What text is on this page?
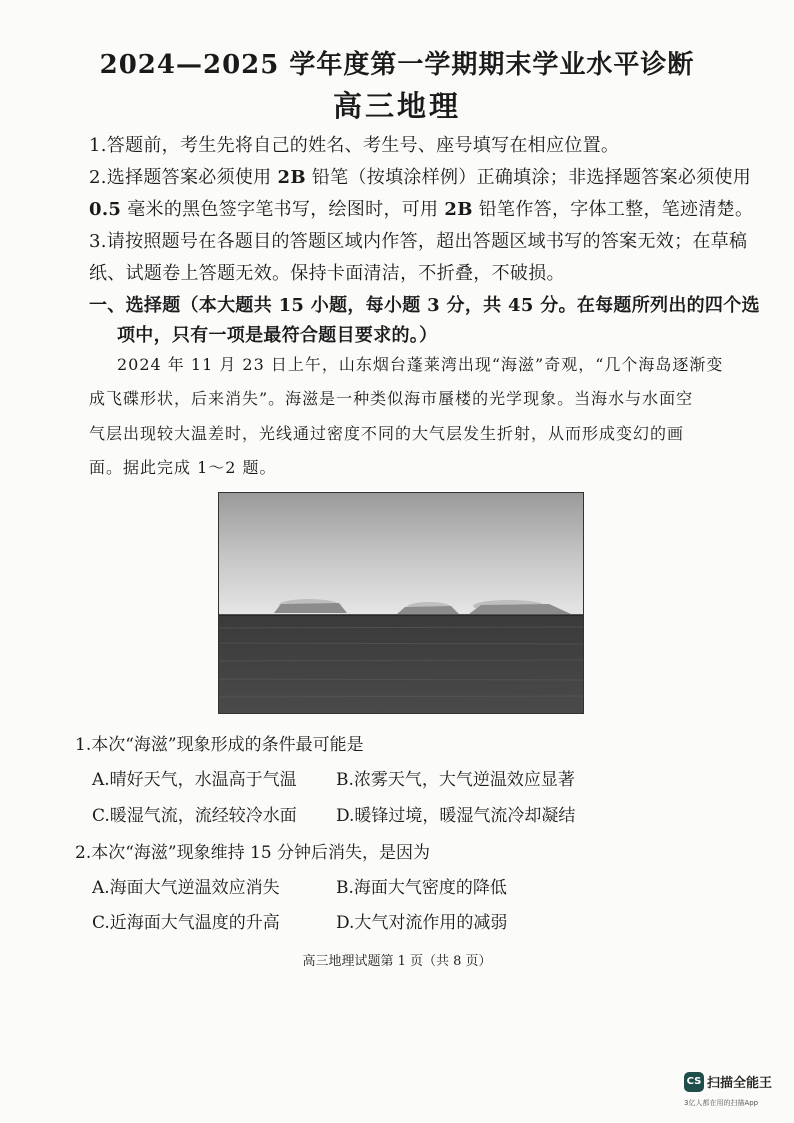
2024—2025 学年度第一学期期末学业水平诊断
高三地理
1.答题前，考生先将自己的姓名、考生号、座号填写在相应位置。
2.选择题答案必须使用 2B 铅笔（按填涂样例）正确填涂；非选择题答案必须使用
0.5 毫米的黑色签字笔书写，绘图时，可用 2B 铅笔作答，字体工整，笔迹清楚。
3.请按照题号在各题目的答题区域内作答，超出答题区域书写的答案无效；在草稿
纸、试题卷上答题无效。保持卡面清洁，不折叠，不破损。
一、选择题（本大题共 15 小题，每小题 3 分，共 45 分。在每题所列出的四个选
项中，只有一项是最符合题目要求的。）
2024 年 11 月 23 日上午，山东烟台蓬莱湾出现“海滋”奇观，“几个海岛逐渐变
成飞碟形状，后来消失”。海滋是一种类似海市蜃楼的光学现象。当海水与水面空
气层出现较大温差时，光线通过密度不同的大气层发生折射，从而形成变幻的画
面。据此完成 1～2 题。
1.本次“海滋”现象形成的条件最可能是
A.晴好天气，水温高于气温 B.浓雾天气，大气逆温效应显著
C.暖湿气流，流经较冷水面 D.暖锋过境，暖湿气流冷却凝结
2.本次“海滋”现象维持 15 分钟后消失，是因为
A.海面大气逆温效应消失	B.海面大气密度的降低
C.近海面大气温度的升高	D.大气对流作用的减弱
高三地理试题第 1 页（共 8 页）
CS 扫描全能王
3亿人都在用的扫描App
